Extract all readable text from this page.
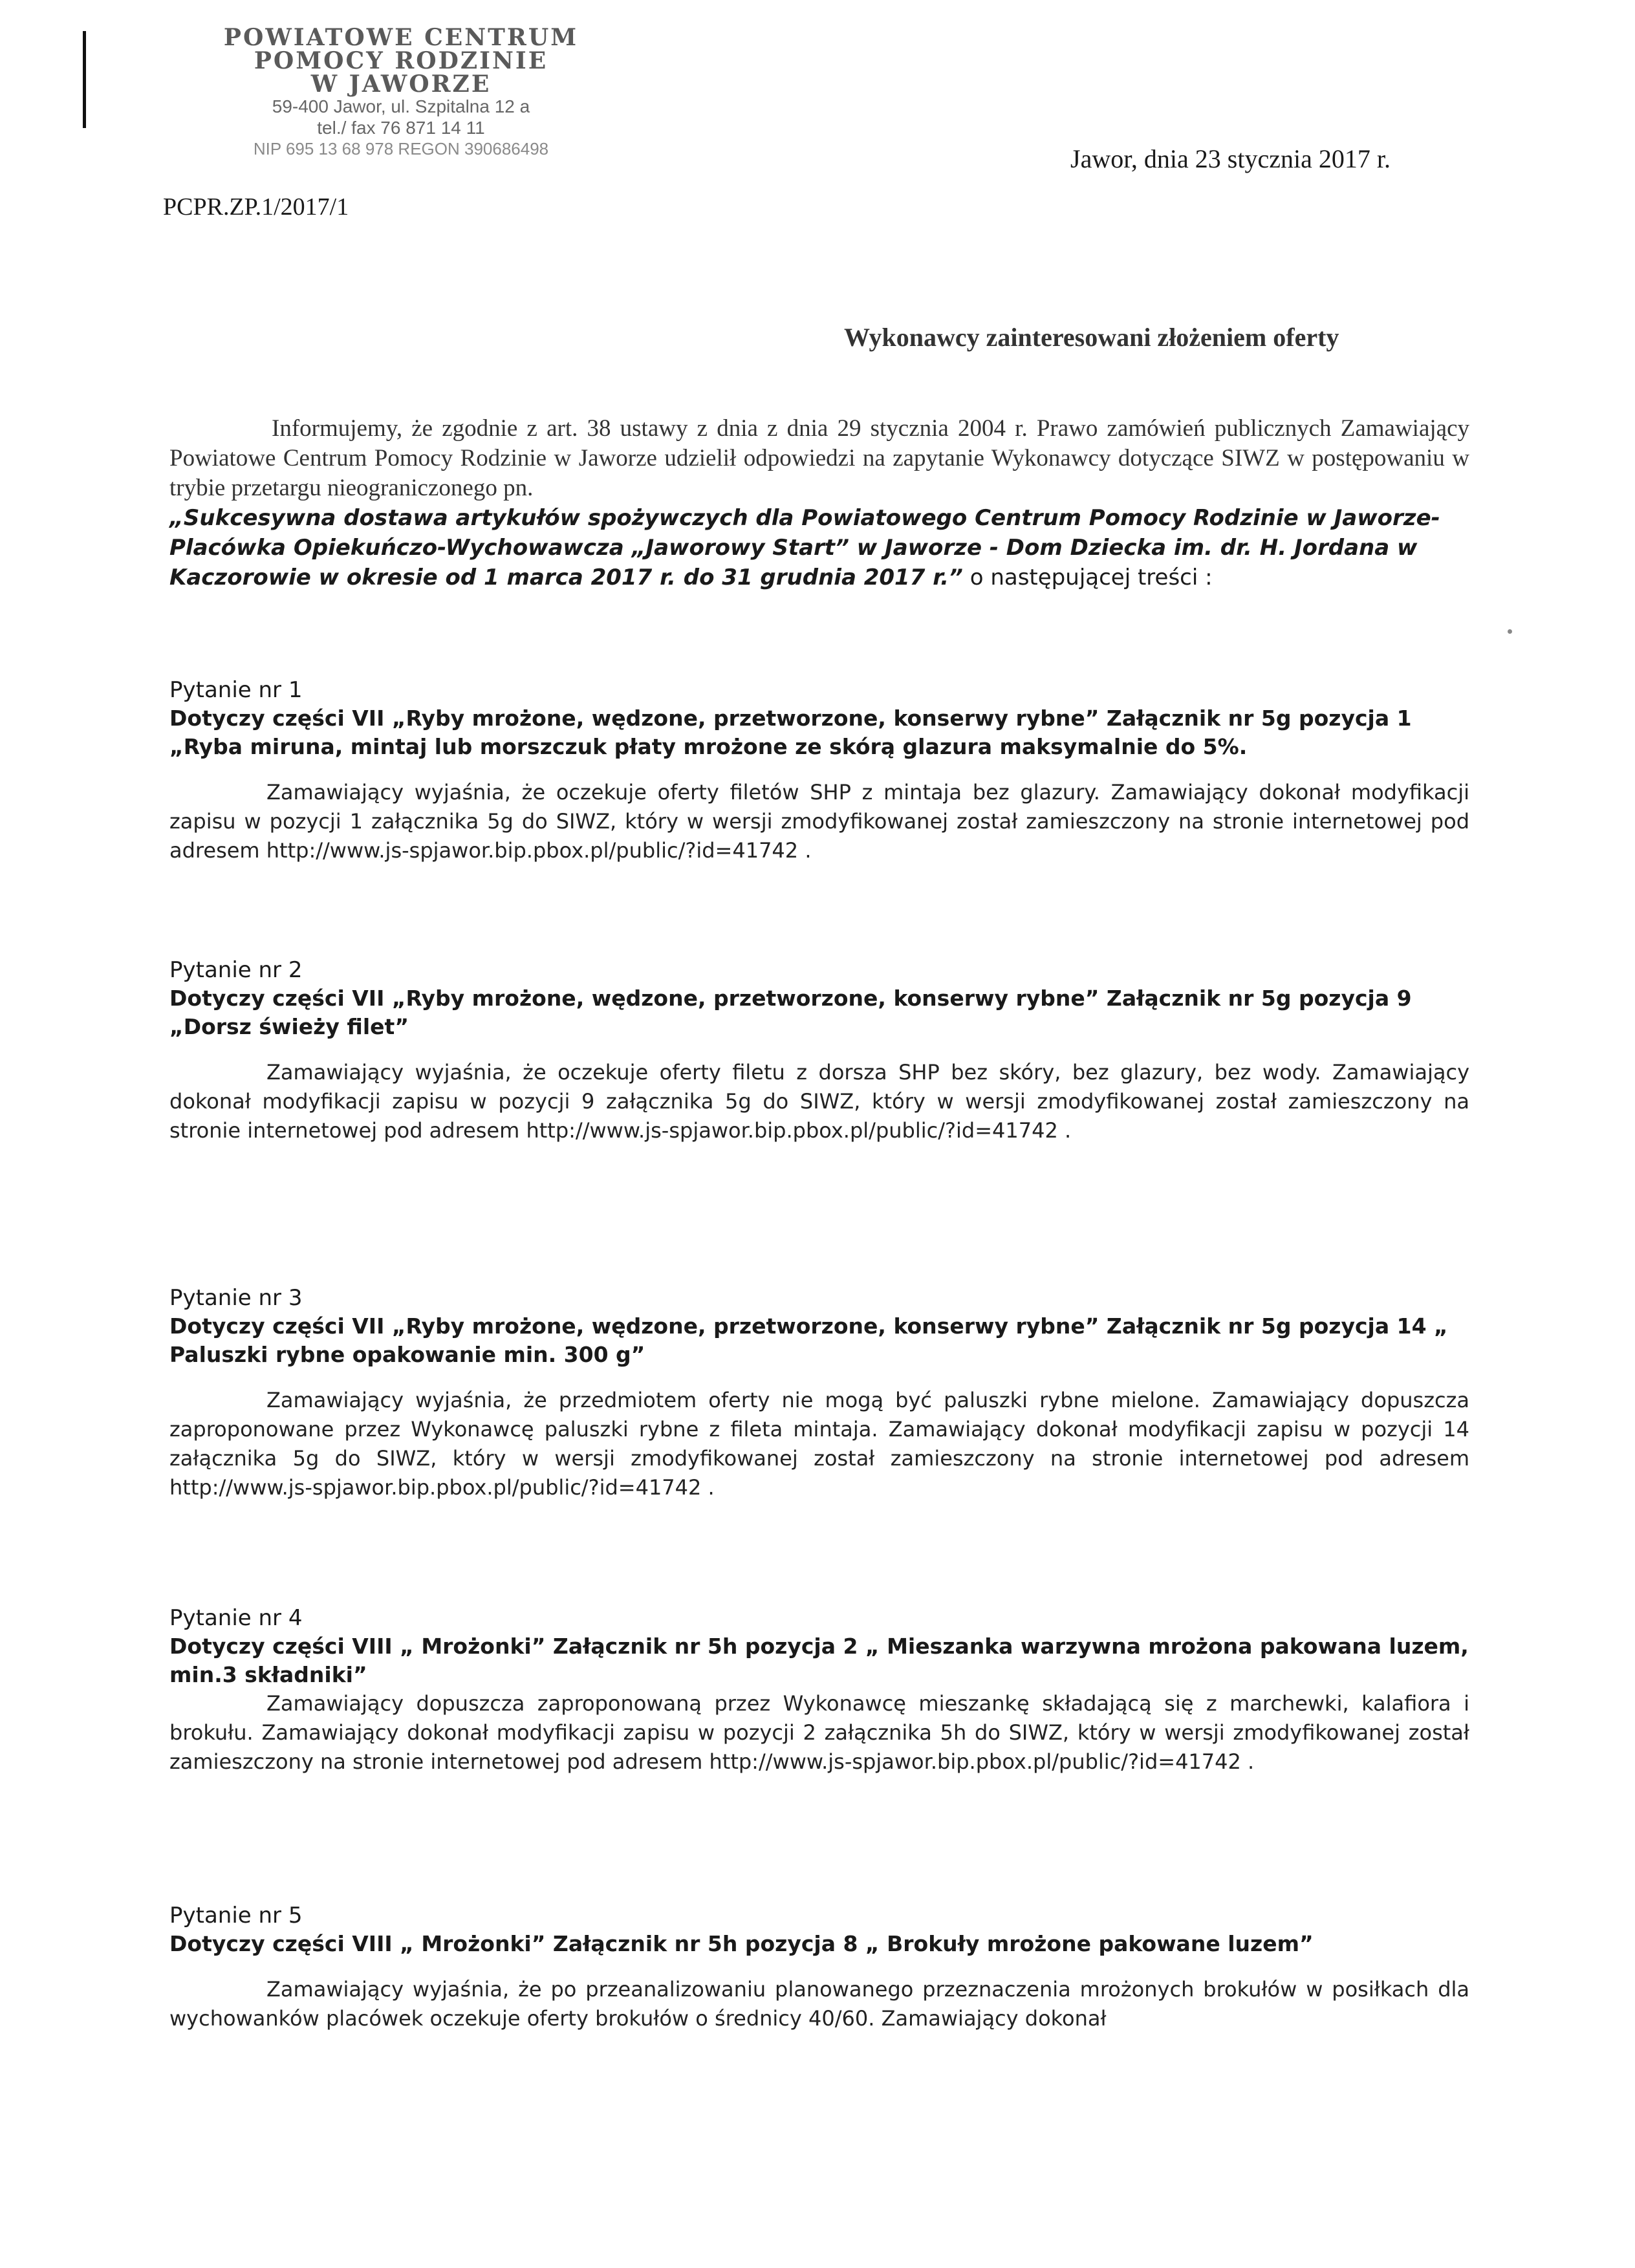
POWIATOWE CENTRUM
POMOCY RODZINIE
W JAWORZE
59-400 Jawor, ul. Szpitalna 12 a
tel./ fax 76 871 14 11
NIP 695 13 68 978 REGON 390686498
PCPR.ZP.1/2017/1
Jawor, dnia 23 stycznia 2017 r.
Wykonawcy zainteresowani złożeniem oferty
Informujemy, że zgodnie z art. 38 ustawy z dnia z dnia 29 stycznia 2004 r. Prawo zamówień publicznych Zamawiający Powiatowe Centrum Pomocy Rodzinie w Jaworze udzielił odpowiedzi na zapytanie Wykonawcy dotyczące SIWZ w postępowaniu w trybie przetargu nieograniczonego pn.
„Sukcesywna dostawa artykułów spożywczych dla Powiatowego Centrum Pomocy Rodzinie w Jaworze- Placówka Opiekuńczo-Wychowawcza „Jaworowy Start” w Jaworze - Dom Dziecka im. dr. H. Jordana w Kaczorowie w okresie od 1 marca 2017 r. do 31 grudnia 2017 r.” o następującej treści :
Pytanie nr 1
Dotyczy części VII „Ryby mrożone, wędzone, przetworzone, konserwy rybne” Załącznik nr 5g pozycja 1 „Ryba miruna, mintaj lub morszczuk płaty mrożone ze skórą glazura maksymalnie do 5%.
Zamawiający wyjaśnia, że oczekuje oferty filetów SHP z mintaja bez glazury. Zamawiający dokonał modyfikacji zapisu w pozycji 1 załącznika 5g do SIWZ, który w wersji zmodyfikowanej został zamieszczony na stronie internetowej pod adresem http://www.js-spjawor.bip.pbox.pl/public/?id=41742 .
Pytanie nr 2
Dotyczy części VII „Ryby mrożone, wędzone, przetworzone, konserwy rybne” Załącznik nr 5g pozycja 9 „Dorsz świeży filet”
Zamawiający wyjaśnia, że oczekuje oferty filetu z dorsza SHP bez skóry, bez glazury, bez wody. Zamawiający dokonał modyfikacji zapisu w pozycji 9 załącznika 5g do SIWZ, który w wersji zmodyfikowanej został zamieszczony na stronie internetowej pod adresem http://www.js-spjawor.bip.pbox.pl/public/?id=41742 .
Pytanie nr 3
Dotyczy części VII „Ryby mrożone, wędzone, przetworzone, konserwy rybne” Załącznik nr 5g pozycja 14 „ Paluszki rybne opakowanie min. 300 g”
Zamawiający wyjaśnia, że przedmiotem oferty nie mogą być paluszki rybne mielone. Zamawiający dopuszcza zaproponowane przez Wykonawcę paluszki rybne z fileta mintaja. Zamawiający dokonał modyfikacji zapisu w pozycji 14 załącznika 5g do SIWZ, który w wersji zmodyfikowanej został zamieszczony na stronie internetowej pod adresem http://www.js-spjawor.bip.pbox.pl/public/?id=41742 .
Pytanie nr 4
Dotyczy części VIII „ Mrożonki” Załącznik nr 5h pozycja 2 „ Mieszanka warzywna mrożona pakowana luzem, min.3 składniki”
Zamawiający dopuszcza zaproponowaną przez Wykonawcę mieszankę składającą się z marchewki, kalafiora i brokułu. Zamawiający dokonał modyfikacji zapisu w pozycji 2 załącznika 5h do SIWZ, który w wersji zmodyfikowanej został zamieszczony na stronie internetowej pod adresem http://www.js-spjawor.bip.pbox.pl/public/?id=41742 .
Pytanie nr 5
Dotyczy części VIII „ Mrożonki” Załącznik nr 5h pozycja 8 „ Brokuły mrożone pakowane luzem”
Zamawiający wyjaśnia, że po przeanalizowaniu planowanego przeznaczenia mrożonych brokułów w posiłkach dla wychowanków placówek oczekuje oferty brokułów o średnicy 40/60. Zamawiający dokonał
